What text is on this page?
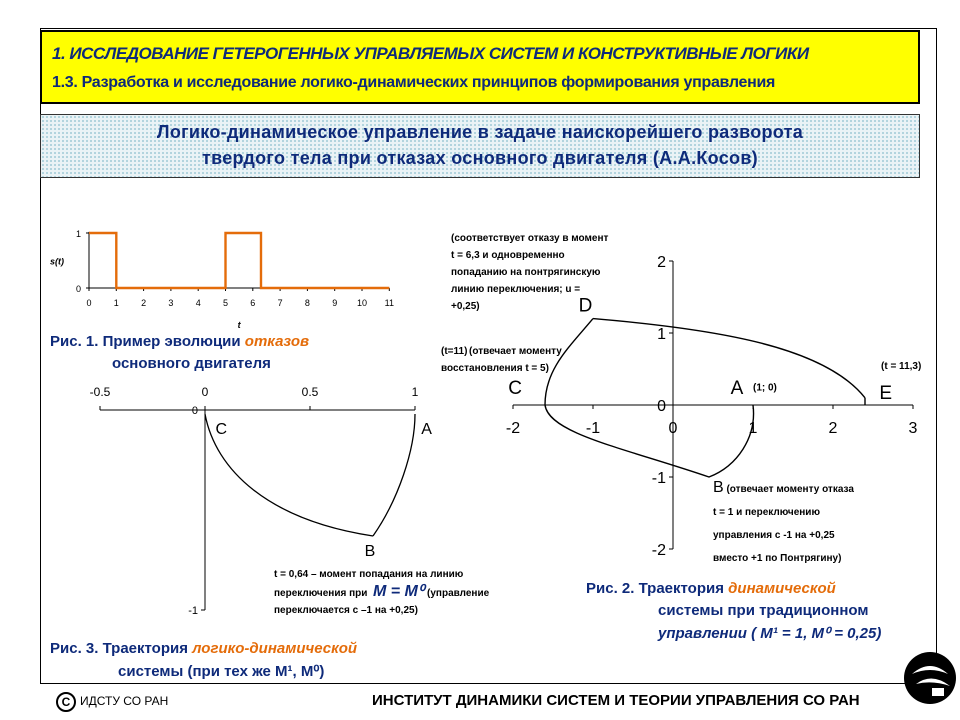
1. ИССЛЕДОВАНИЕ ГЕТЕРОГЕННЫХ УПРАВЛЯЕМЫХ СИСТЕМ И КОНСТРУКТИВНЫЕ ЛОГИКИ
1.3. Разработка и исследование логико-динамических принципов формирования управления
Логико-динамическое управление в задаче наискорейшего разворота
твердого тела при отказах основного двигателя (А.А.Косов)
0 1 2 3 4 5 6 7 8 9 10 11
0
1
s(t)
t
Рис. 1. Пример эволюции отказов
основного двигателя
-0.5	0	0.5	1
0
-1
C	A
B
t = 0,64 – момент попадания на линию
переключения при M = M⁰ (управление
переключается с –1 на +0,25)
Рис. 3. Траектория логико-динамической
системы (при тех же M¹, M⁰)
-2	-1	0	1	2	3
2
1
0
-1
-2
D
C	A (1; 0)	E
(соответствует отказу в момент
t = 6,3 и одновременно
попаданию на понтрягинскую
линию переключения; u =
+0,25)
(t=11) (отвечает моменту
восстановления t = 5)	(t = 11,3)
B (отвечает моменту отказа
t = 1 и переключению
управления с -1 на +0,25
вместо +1 по Понтрягину)
Рис. 2. Траектория динамической
системы при традиционном
управлении ( M¹ = 1, M⁰ = 0,25)
C ИДСТУ СО РАН	ИНСТИТУТ ДИНАМИКИ СИСТЕМ И ТЕОРИИ УПРАВЛЕНИЯ СО РАН
